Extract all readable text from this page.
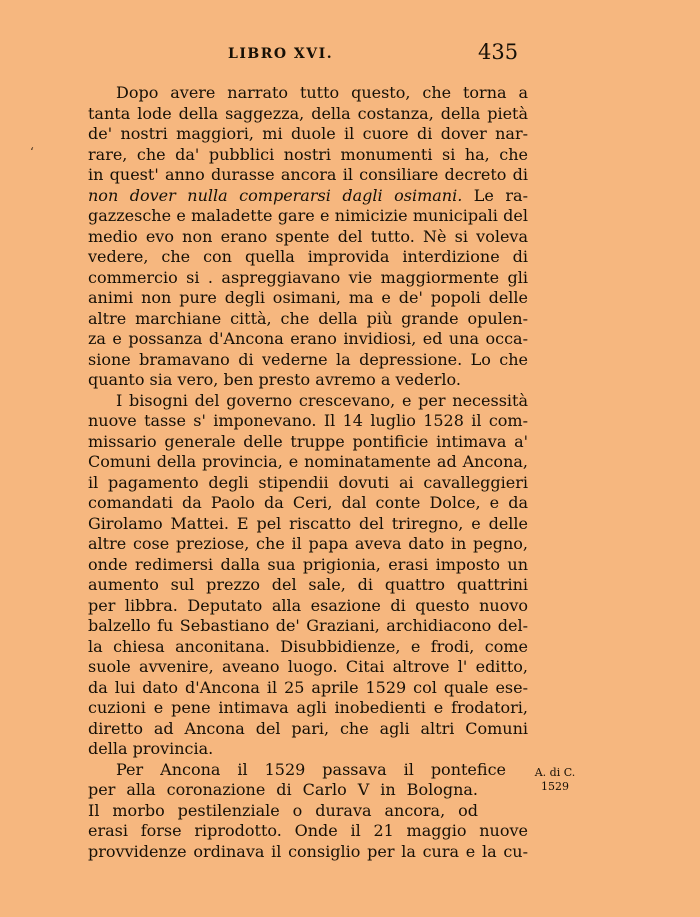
LIBRO XVI.	435
ʻ
Dopo avere narrato tutto questo, che torna a
tanta lode della saggezza, della costanza, della pietà
de' nostri maggiori, mi duole il cuore di dover nar-
rare, che da' pubblici nostri monumenti si ha, che
in quest' anno durasse ancora il consiliare decreto di
non dover nulla comperarsi dagli osimani. Le ra-
gazzesche e maladette gare e nimicizie municipali del
medio evo non erano spente del tutto. Nè si voleva
vedere, che con quella improvida interdizione di
commercio si . aspreggiavano vie maggiormente gli
animi non pure degli osimani, ma e de' popoli delle
altre marchiane città, che della più grande opulen-
za e possanza d'Ancona erano invidiosi, ed una occa-
sione bramavano di vederne la depressione. Lo che
quanto sia vero, ben presto avremo a vederlo.
I bisogni del governo crescevano, e per necessità
nuove tasse s' imponevano. Il 14 luglio 1528 il com-
missario generale delle truppe pontificie intimava a'
Comuni della provincia, e nominatamente ad Ancona,
il pagamento degli stipendii dovuti ai cavalleggieri
comandati da Paolo da Ceri, dal conte Dolce, e da
Girolamo Mattei. E pel riscatto del triregno, e delle
altre cose preziose, che il papa aveva dato in pegno,
onde redimersi dalla sua prigionia, erasi imposto un
aumento sul prezzo del sale, di quattro quattrini
per libbra. Deputato alla esazione di questo nuovo
balzello fu Sebastiano de' Graziani, archidiacono del-
la chiesa anconitana. Disubbidienze, e frodi, come
suole avvenire, aveano luogo. Citai altrove l' editto,
da lui dato d'Ancona il 25 aprile 1529 col quale ese-
cuzioni e pene intimava agli inobedienti e frodatori,
diretto ad Ancona del pari, che agli altri Comuni
della provincia.
Per Ancona il 1529 passava il pontefice
per alla coronazione di Carlo V in Bologna.
Il morbo pestilenziale o durava ancora, od
erasi forse riprodotto. Onde il 21 maggio nuove
provvidenze ordinava il consiglio per la cura e la cu-
A. di C.
1529
